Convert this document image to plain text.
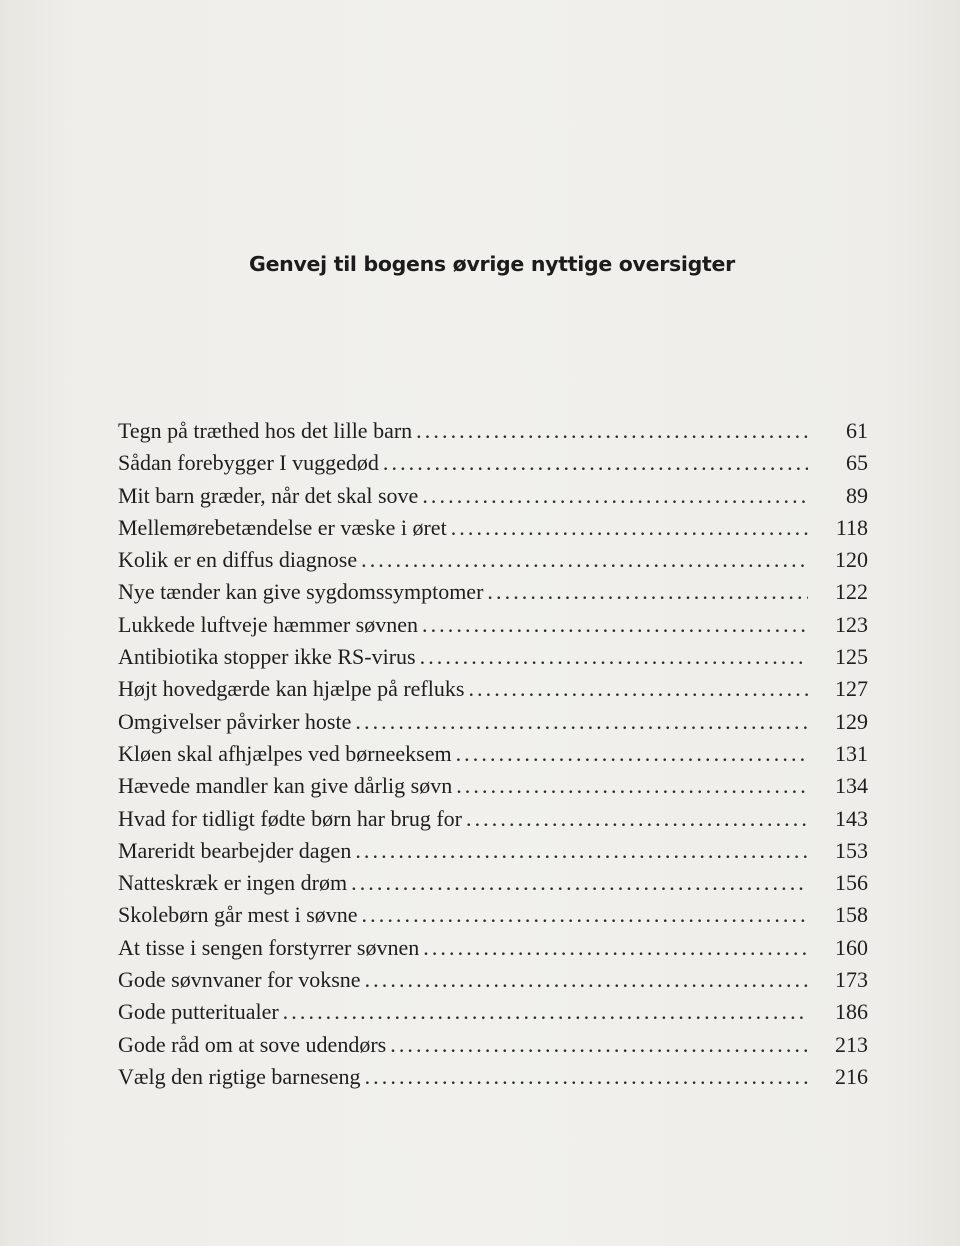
Genvej til bogens øvrige nyttige oversigter
Tegn på træthed hos det lille barn .....	61
Sådan forebygger I vuggedød .....	65
Mit barn græder, når det skal sove .....	89
Mellemørebetændelse er væske i øret .....	118
Kolik er en diffus diagnose .....	120
Nye tænder kan give sygdomssymptomer .....	122
Lukkede luftveje hæmmer søvnen .....	123
Antibiotika stopper ikke RS-virus .....	125
Højt hovedgærde kan hjælpe på refluks .....	127
Omgivelser påvirker hoste .....	129
Kløen skal afhjælpes ved børneeksem .....	131
Hævede mandler kan give dårlig søvn .....	134
Hvad for tidligt fødte børn har brug for .....	143
Mareridt bearbejder dagen .....	153
Natteskræk er ingen drøm .....	156
Skolebørn går mest i søvne .....	158
At tisse i sengen forstyrrer søvnen .....	160
Gode søvnvaner for voksne .....	173
Gode putteritualer .....	186
Gode råd om at sove udendørs .....	213
Vælg den rigtige barneseng .....	216
